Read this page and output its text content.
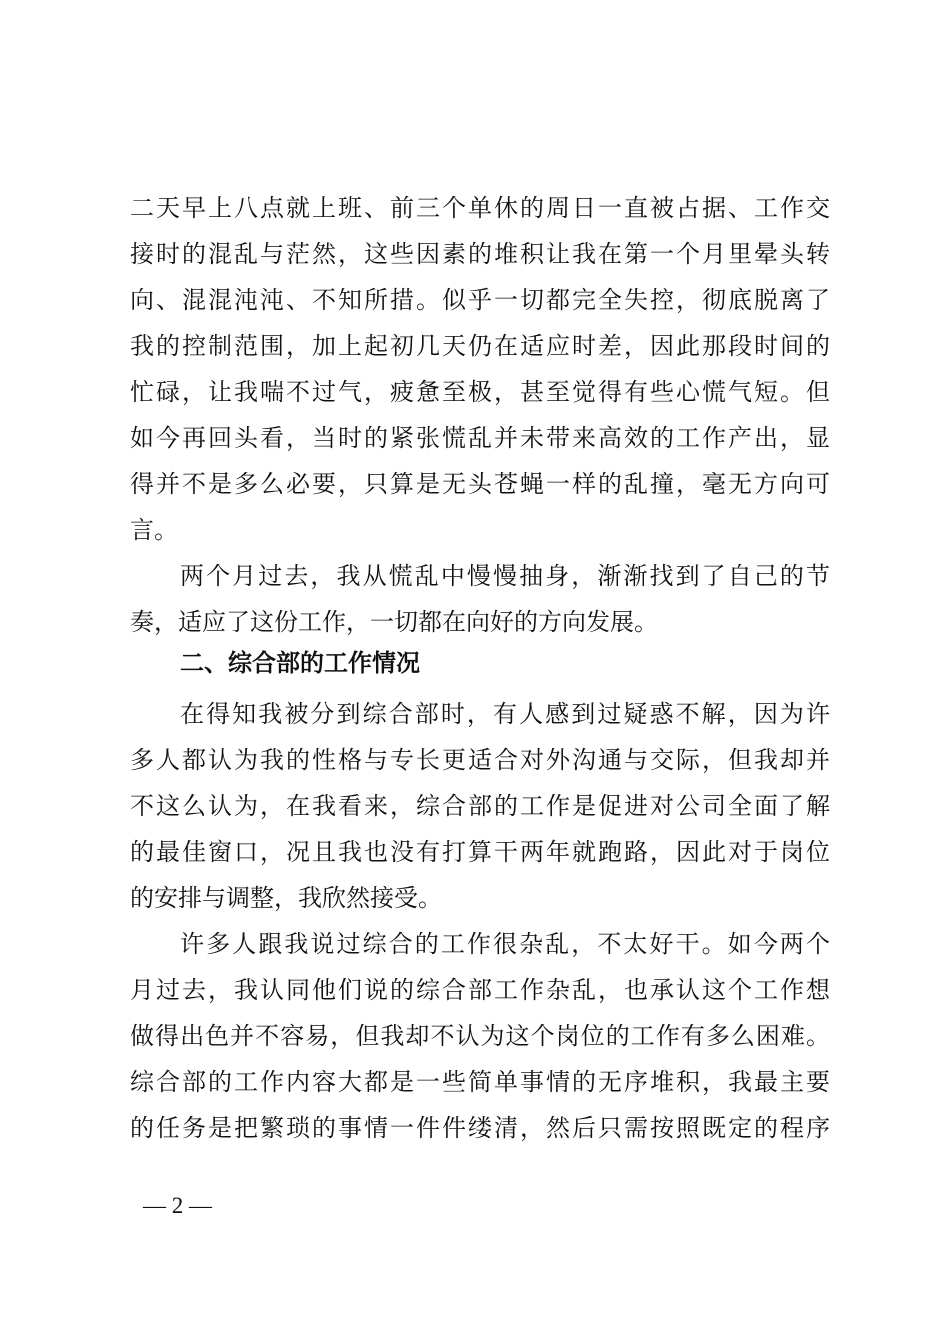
二天早上八点就上班、前三个单休的周日一直被占据、工作交
接时的混乱与茫然，这些因素的堆积让我在第一个月里晕头转
向、混混沌沌、不知所措。似乎一切都完全失控，彻底脱离了
我的控制范围，加上起初几天仍在适应时差，因此那段时间的
忙碌，让我喘不过气，疲惫至极，甚至觉得有些心慌气短。但
如今再回头看，当时的紧张慌乱并未带来高效的工作产出，显
得并不是多么必要，只算是无头苍蝇一样的乱撞，毫无方向可
言。
两个月过去，我从慌乱中慢慢抽身，渐渐找到了自己的节
奏，适应了这份工作，一切都在向好的方向发展。
二、综合部的工作情况
在得知我被分到综合部时，有人感到过疑惑不解，因为许
多人都认为我的性格与专长更适合对外沟通与交际，但我却并
不这么认为，在我看来，综合部的工作是促进对公司全面了解
的最佳窗口，况且我也没有打算干两年就跑路，因此对于岗位
的安排与调整，我欣然接受。
许多人跟我说过综合的工作很杂乱，不太好干。如今两个
月过去，我认同他们说的综合部工作杂乱，也承认这个工作想
做得出色并不容易，但我却不认为这个岗位的工作有多么困难。
综合部的工作内容大都是一些简单事情的无序堆积，我最主要
的任务是把繁琐的事情一件件缕清，然后只需按照既定的程序
— 2 —
